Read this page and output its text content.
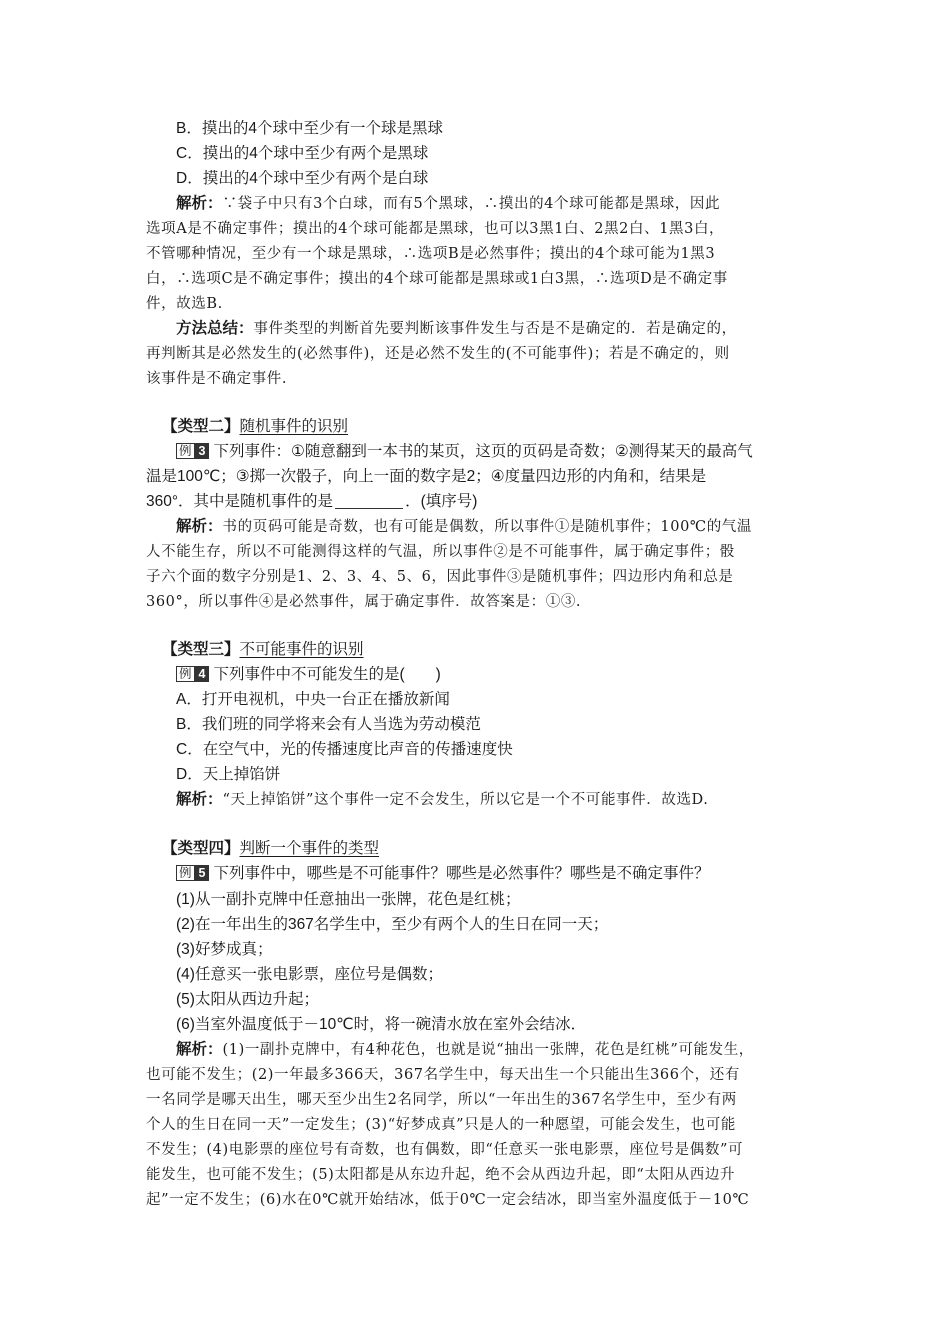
B．摸出的4个球中至少有一个球是黑球
C．摸出的4个球中至少有两个是黑球
D．摸出的4个球中至少有两个是白球
解析：∵袋子中只有3个白球，而有5个黑球，∴摸出的4个球可能都是黑球，因此
选项A是不确定事件；摸出的4个球可能都是黑球，也可以3黑1白、2黑2白、1黑3白，
不管哪种情况，至少有一个球是黑球，∴选项B是必然事件；摸出的4个球可能为1黑3
白，∴选项C是不确定事件；摸出的4个球可能都是黑球或1白3黑，∴选项D是不确定事
件，故选B.
方法总结：事件类型的判断首先要判断该事件发生与否是不是确定的．若是确定的，
再判断其是必然发生的(必然事件)，还是必然不发生的(不可能事件)；若是不确定的，则
该事件是不确定事件.
【类型二】随机事件的识别
例 3 下列事件：①随意翻到一本书的某页，这页的页码是奇数；②测得某天的最高气
温是100℃；③掷一次骰子，向上一面的数字是2；④度量四边形的内角和，结果是
360°．其中是随机事件的是	．(填序号)
解析：书的页码可能是奇数，也有可能是偶数，所以事件①是随机事件；100℃的气温
人不能生存，所以不可能测得这样的气温，所以事件②是不可能事件，属于确定事件；骰
子六个面的数字分别是1、2、3、4、5、6，因此事件③是随机事件；四边形内角和总是
360°，所以事件④是必然事件，属于确定事件．故答案是：①③.
【类型三】不可能事件的识别
例 4 下列事件中不可能发生的是(　　)
A．打开电视机，中央一台正在播放新闻
B．我们班的同学将来会有人当选为劳动模范
C．在空气中，光的传播速度比声音的传播速度快
D．天上掉馅饼
解析：“天上掉馅饼”这个事件一定不会发生，所以它是一个不可能事件．故选D.
【类型四】判断一个事件的类型
例 5 下列事件中，哪些是不可能事件？哪些是必然事件？哪些是不确定事件？
(1)从一副扑克牌中任意抽出一张牌，花色是红桃；
(2)在一年出生的367名学生中，至少有两个人的生日在同一天；
(3)好梦成真；
(4)任意买一张电影票，座位号是偶数；
(5)太阳从西边升起；
(6)当室外温度低于－10℃时，将一碗清水放在室外会结冰．
解析：(1)一副扑克牌中，有4种花色，也就是说“抽出一张牌，花色是红桃”可能发生，
也可能不发生；(2)一年最多366天，367名学生中，每天出生一个只能出生366个，还有
一名同学是哪天出生，哪天至少出生2名同学，所以“一年出生的367名学生中，至少有两
个人的生日在同一天”一定发生；(3)“好梦成真”只是人的一种愿望，可能会发生，也可能
不发生；(4)电影票的座位号有奇数，也有偶数，即“任意买一张电影票，座位号是偶数”可
能发生，也可能不发生；(5)太阳都是从东边升起，绝不会从西边升起，即“太阳从西边升
起”一定不发生；(6)水在0℃就开始结冰，低于0℃一定会结冰，即当室外温度低于－10℃
